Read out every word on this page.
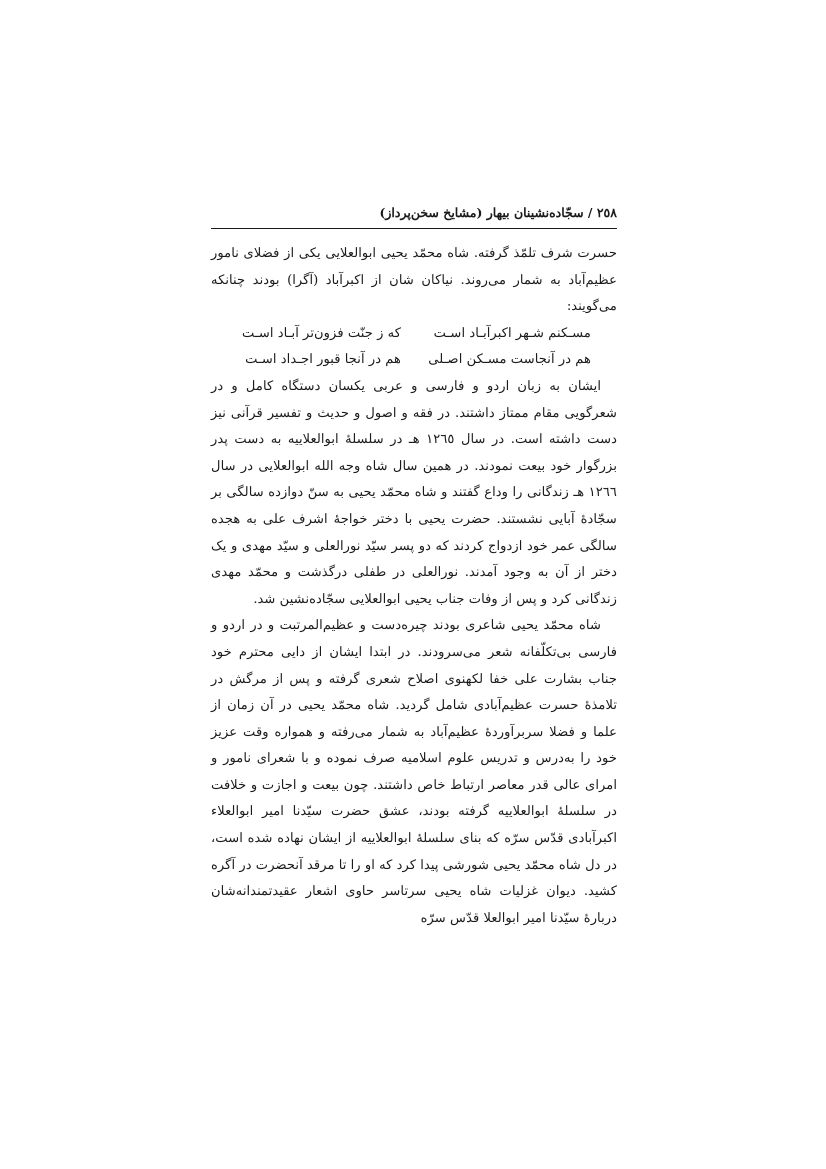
٢٥٨ / سجّاده‌نشینان بیهار (مشایخ سخن‌پرداز)

حسرت شرف تلمّذ گرفته. شاه محمّد یحیی ابوالعلایی یکی از فضلای نامور عظیم‌آباد به شمار می‌روند. نیاکان شان از اکبرآباد (آگرا) بودند چنانکه می‌گویند:

مسـکنم شـهر اکبرآبـاد اسـت
که ز جنّت فزون‌تر آبـاد اسـت
هم در آنجاست مسـکن اصـلی
هم در آنجا قبور اجـداد اسـت

ایشان به زبان اردو و فارسی و عربی یکسان دستگاه کامل و در شعرگویی مقام ممتاز داشتند. در فقه و اصول و حدیث و تفسیر قرآنی نیز دست داشته است. در سال ١٢٦٥ هـ در سلسلهٔ ابوالعلاییه به دست پدر بزرگوار خود بیعت نمودند. در همین سال شاه وجه الله ابوالعلایی در سال ١٢٦٦ هـ زندگانی را وداع گفتند و شاه محمّد یحیی به سنّ دوازده سالگی بر سجّادهٔ آبایی نشستند. حضرت یحیی با دختر خواجهٔ اشرف علی به هجده سالگی عمر خود ازدواج کردند که دو پسر سیّد نورالعلی و سیّد مهدی و یک دختر از آن به وجود آمدند. نورالعلی در طفلی درگذشت و محمّد مهدی زندگانی کرد و پس از وفات جناب یحیی ابوالعلایی سجّاده‌نشین شد.

شاه محمّد یحیی شاعری بودند چیره‌دست و عظیم‌المرتبت و در اردو و فارسی بی‌تکلّفانه شعر می‌سرودند. در ابتدا ایشان از دایی محترم خود جناب بشارت علی خفا لکهنوی اصلاح شعری گرفته و پس از مرگش در تلامذهٔ حسرت عظیم‌آبادی شامل گردید. شاه محمّد یحیی در آن زمان از علما و فضلا سربرآوردهٔ عظیم‌آباد به شمار می‌رفته و همواره وقت عزیز خود را به‌درس و تدریس علوم اسلامیه صرف نموده و با شعرای نامور و امرای عالی قدر معاصر ارتباط خاص داشتند. چون بیعت و اجازت و خلافت در سلسلهٔ ابوالعلاییه گرفته بودند، عشق حضرت سیّدنا امیر ابوالعلاء اکبرآبادی قدّس سرّه که بنای سلسلهٔ ابوالعلاییه از ایشان نهاده شده است، در دل شاه محمّد یحیی شورشی پیدا کرد که او را تا مرقد آنحضرت در آگره کشید. دیوان غزلیات شاه یحیی سرتاسر حاوی اشعار عقیدتمندانه‌شان دربارهٔ سیّدنا امیر ابوالعلا قدّس سرّه
